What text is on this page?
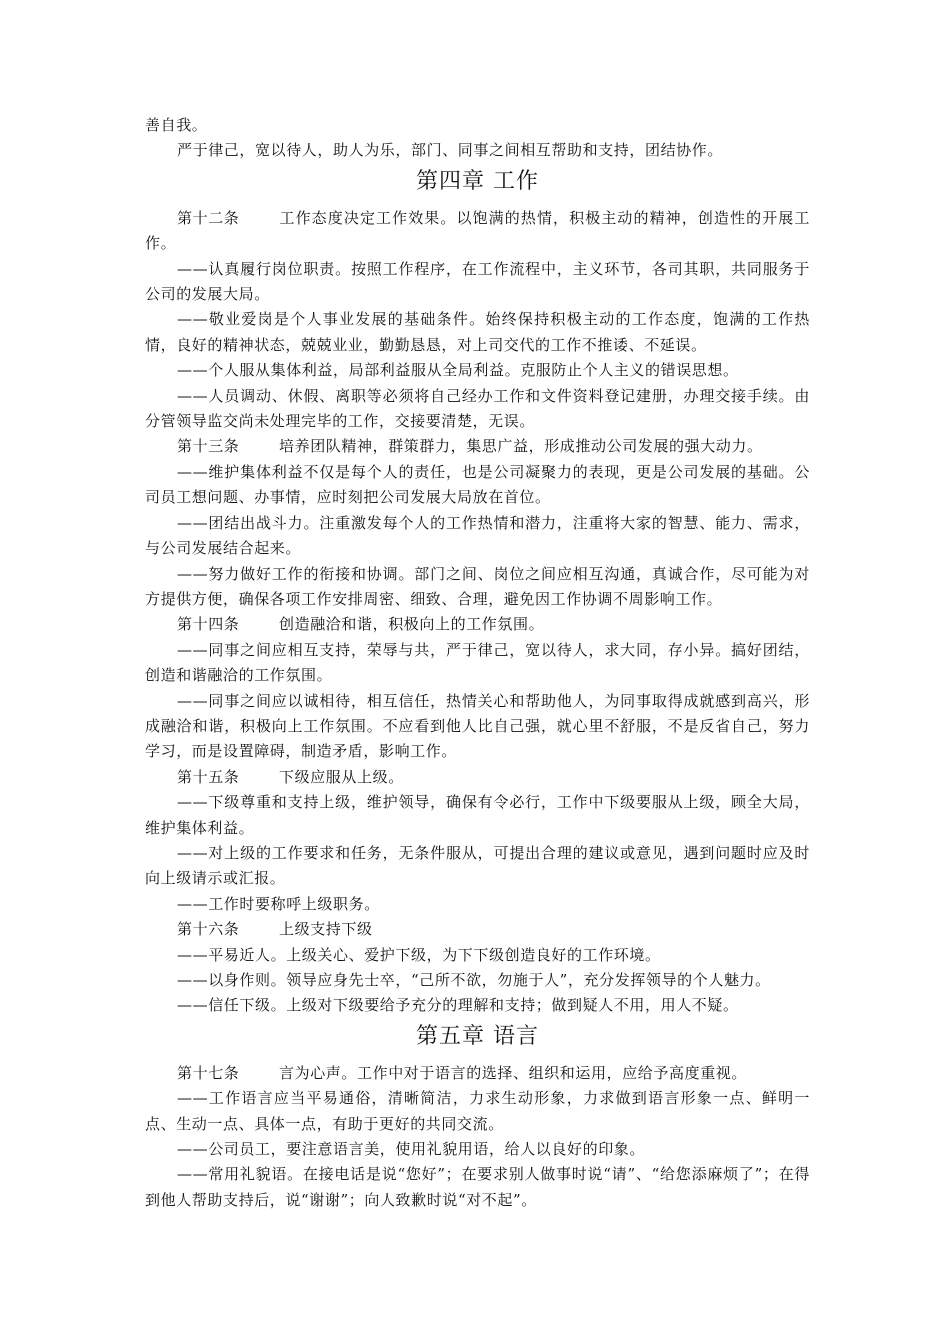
善自我。

严于律己，宽以待人，助人为乐，部门、同事之间相互帮助和支持，团结协作。

第四章 工作

第十二条	工作态度决定工作效果。以饱满的热情，积极主动的精神，创造性的开展工作。

——认真履行岗位职责。按照工作程序，在工作流程中，主义环节，各司其职，共同服务于公司的发展大局。

——敬业爱岗是个人事业发展的基础条件。始终保持积极主动的工作态度，饱满的工作热情，良好的精神状态，兢兢业业，勤勤恳恳，对上司交代的工作不推诿、不延误。

——个人服从集体利益，局部利益服从全局利益。克服防止个人主义的错误思想。

——人员调动、休假、离职等必须将自己经办工作和文件资料登记建册，办理交接手续。由分管领导监交尚未处理完毕的工作，交接要清楚，无误。

第十三条	培养团队精神，群策群力，集思广益，形成推动公司发展的强大动力。

——维护集体利益不仅是每个人的责任，也是公司凝聚力的表现，更是公司发展的基础。公司员工想问题、办事情，应时刻把公司发展大局放在首位。

——团结出战斗力。注重激发每个人的工作热情和潜力，注重将大家的智慧、能力、需求，与公司发展结合起来。

——努力做好工作的衔接和协调。部门之间、岗位之间应相互沟通，真诚合作，尽可能为对方提供方便，确保各项工作安排周密、细致、合理，避免因工作协调不周影响工作。

第十四条	创造融洽和谐，积极向上的工作氛围。

——同事之间应相互支持，荣辱与共，严于律己，宽以待人，求大同，存小异。搞好团结，创造和谐融洽的工作氛围。

——同事之间应以诚相待，相互信任，热情关心和帮助他人，为同事取得成就感到高兴，形成融洽和谐，积极向上工作氛围。不应看到他人比自己强，就心里不舒服，不是反省自己，努力学习，而是设置障碍，制造矛盾，影响工作。

第十五条	下级应服从上级。

——下级尊重和支持上级，维护领导，确保有令必行，工作中下级要服从上级，顾全大局，维护集体利益。

——对上级的工作要求和任务，无条件服从，可提出合理的建议或意见，遇到问题时应及时向上级请示或汇报。

——工作时要称呼上级职务。

第十六条	上级支持下级

——平易近人。上级关心、爱护下级，为下下级创造良好的工作环境。

——以身作则。领导应身先士卒，“己所不欲，勿施于人”，充分发挥领导的个人魅力。

——信任下级。上级对下级要给予充分的理解和支持；做到疑人不用，用人不疑。

第五章 语言

第十七条	言为心声。工作中对于语言的选择、组织和运用，应给予高度重视。

——工作语言应当平易通俗，清晰简洁，力求生动形象，力求做到语言形象一点、鲜明一点、生动一点、具体一点，有助于更好的共同交流。

——公司员工，要注意语言美，使用礼貌用语，给人以良好的印象。

——常用礼貌语。在接电话是说“您好”；在要求别人做事时说“请”、“给您添麻烦了”；在得到他人帮助支持后，说“谢谢”；向人致歉时说“对不起”。
